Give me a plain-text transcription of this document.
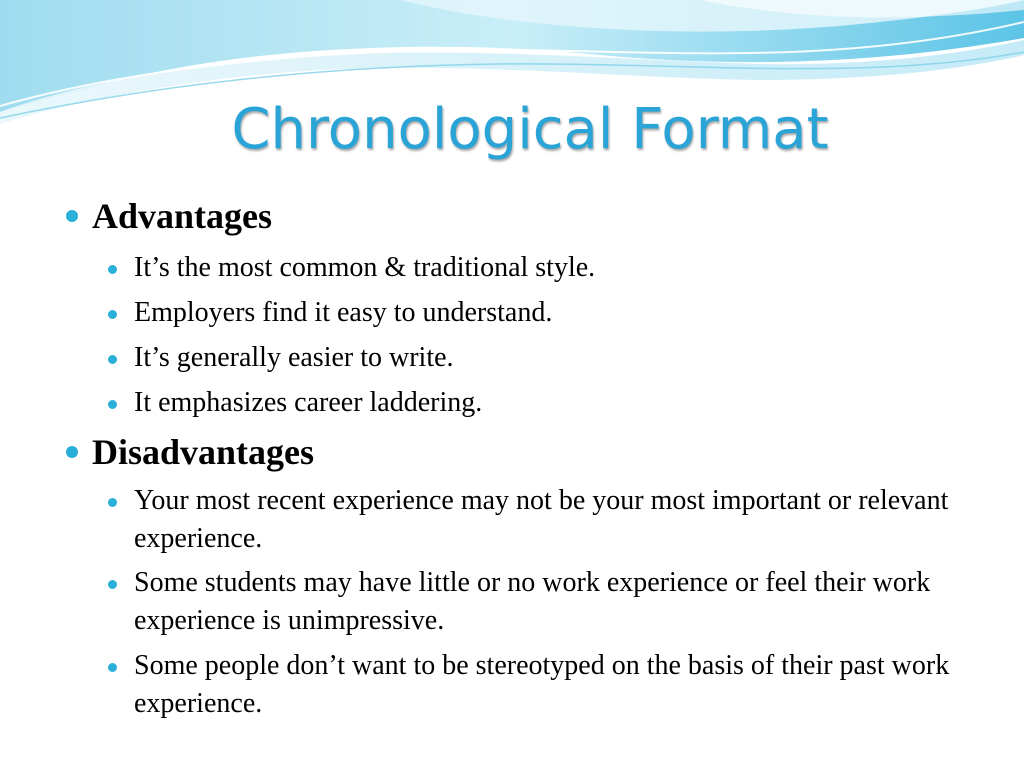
Chronological Format
Advantages
It’s the most common & traditional style.
Employers find it easy to understand.
It’s generally easier to write.
It emphasizes career laddering.
Disadvantages
Your most recent experience may not be your most important or relevant experience.
Some students may have little or no work experience or feel their work experience is unimpressive.
Some people don’t want to be stereotyped on the basis of their past work experience.
